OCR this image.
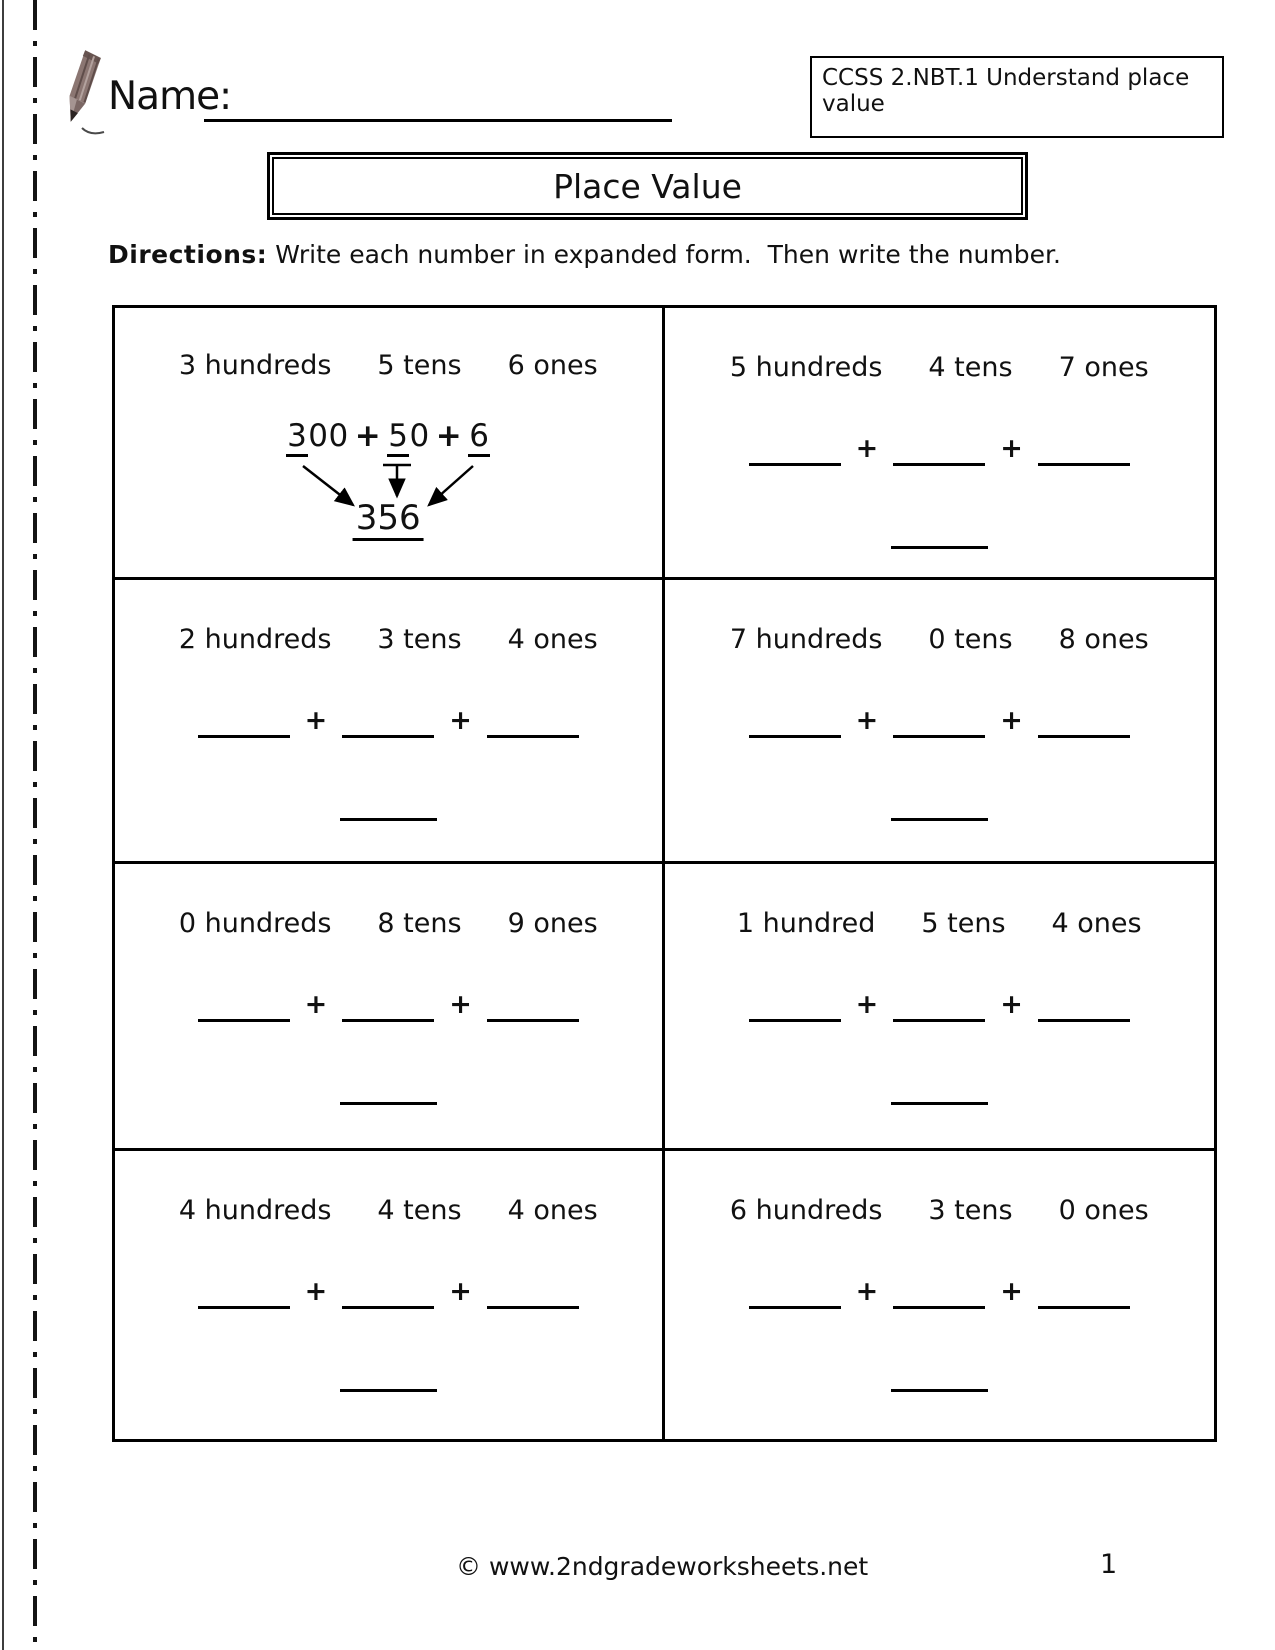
Name:	CCSS 2.NBT.1 Understand place value
Place Value
Directions: Write each number in expanded form.  Then write the number.
3 hundreds 5 tens 6 ones
300 + 50 + 6
356
5 hundreds 4 tens 7 ones
+	+
2 hundreds 3 tens 4 ones
+	+
7 hundreds 0 tens 8 ones
+	+
0 hundreds 8 tens 9 ones
+	+
1 hundred 5 tens 4 ones
+	+
4 hundreds 4 tens 4 ones
+	+
6 hundreds 3 tens 0 ones
+	+
© www.2ndgradeworksheets.net	1
